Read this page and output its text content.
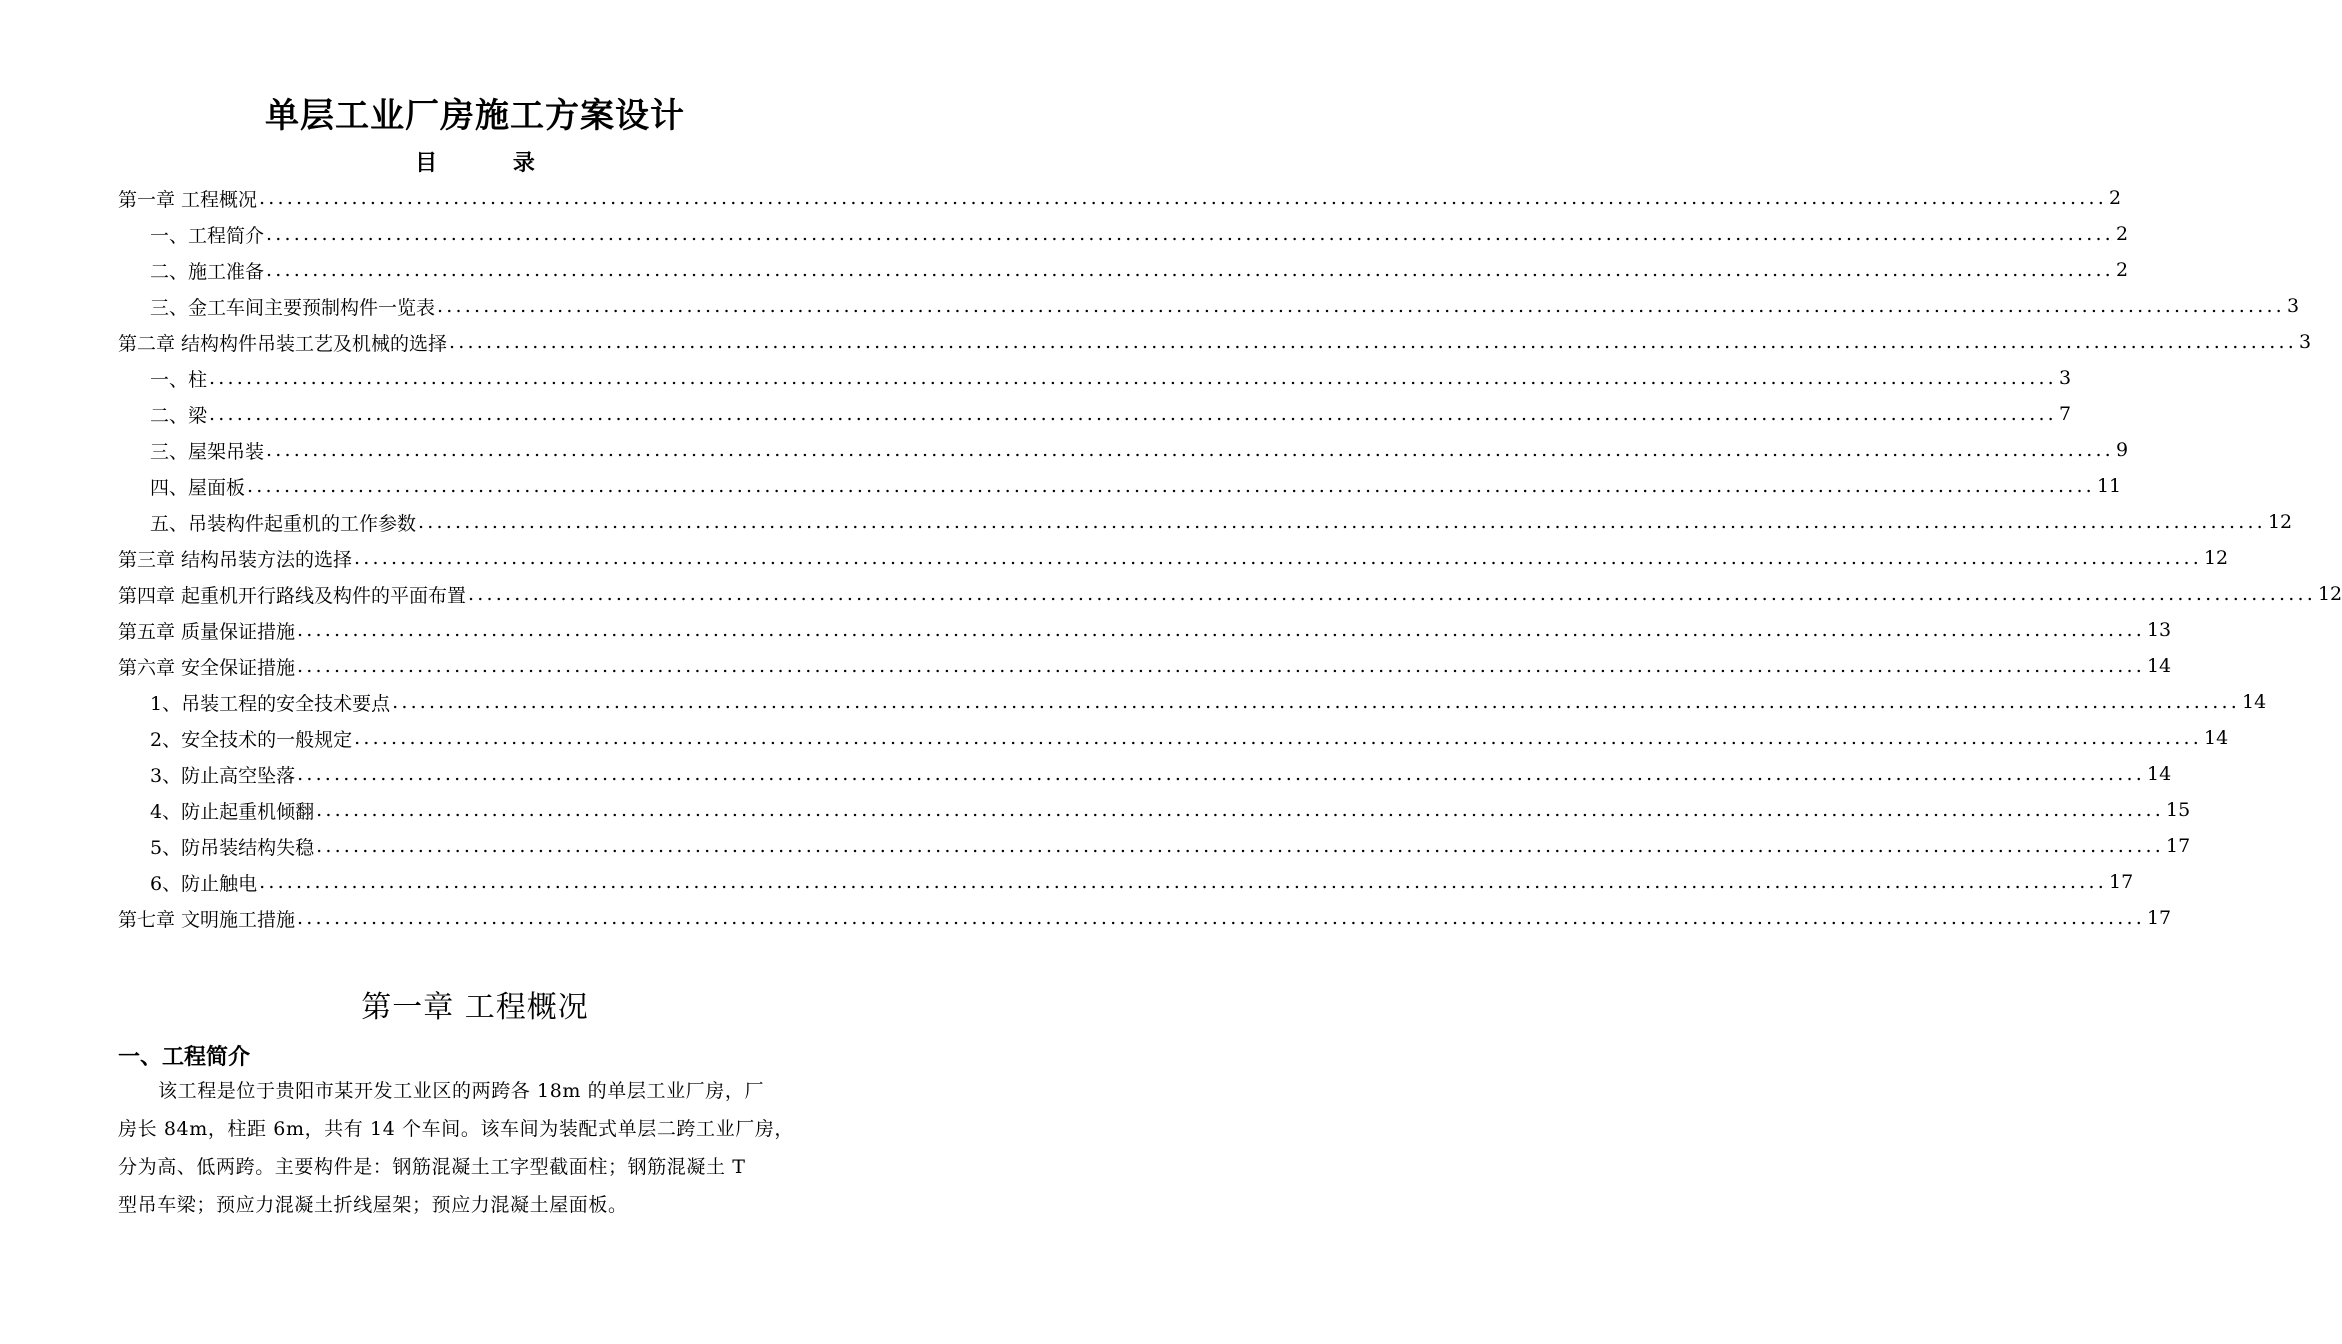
单层工业厂房施工方案设计
目 录
第一章 工程概况 ........................................................................................................................................................................................................ 2
一、工程简介 ........................................................................................................................................................................................................ 2
二、施工准备 ........................................................................................................................................................................................................ 2
三、金工车间主要预制构件一览表 ........................................................................................................................................................................................................ 3
第二章 结构构件吊装工艺及机械的选择 ........................................................................................................................................................................................................ 3
一、柱 ........................................................................................................................................................................................................ 3
二、梁 ........................................................................................................................................................................................................ 7
三、屋架吊装 ........................................................................................................................................................................................................ 9
四、屋面板 ........................................................................................................................................................................................................ 11
五、吊装构件起重机的工作参数 ........................................................................................................................................................................................................ 12
第三章 结构吊装方法的选择 ........................................................................................................................................................................................................ 12
第四章 起重机开行路线及构件的平面布置 ........................................................................................................................................................................................................ 12
第五章 质量保证措施 ........................................................................................................................................................................................................ 13
第六章 安全保证措施 ........................................................................................................................................................................................................ 14
1、吊装工程的安全技术要点 ........................................................................................................................................................................................................ 14
2、安全技术的一般规定 ........................................................................................................................................................................................................ 14
3、防止高空坠落 ........................................................................................................................................................................................................ 14
4、防止起重机倾翻 ........................................................................................................................................................................................................ 15
5、防吊装结构失稳 ........................................................................................................................................................................................................ 17
6、防止触电 ........................................................................................................................................................................................................ 17
第七章 文明施工措施 ........................................................................................................................................................................................................ 17
第一章 工程概况
一、工程简介
该工程是位于贵阳市某开发工业区的两跨各 18m 的单层工业厂房，厂
房长 84m，柱距 6m，共有 14 个车间。该车间为装配式单层二跨工业厂房，
分为高、低两跨。主要构件是：钢筋混凝土工字型截面柱；钢筋混凝土 T
型吊车梁；预应力混凝土折线屋架；预应力混凝土屋面板。
